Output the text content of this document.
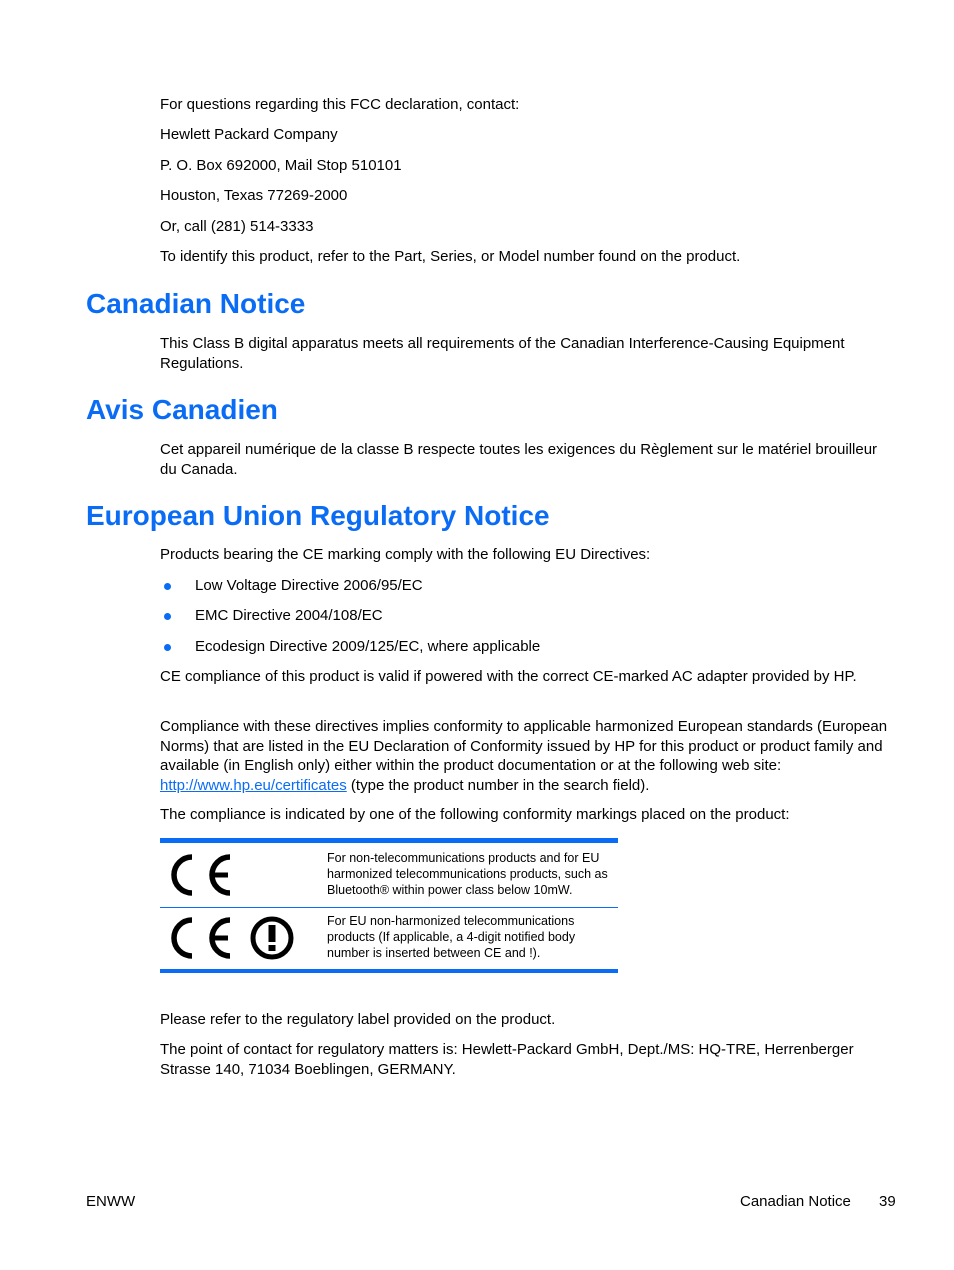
For questions regarding this FCC declaration, contact:

Hewlett Packard Company

P. O. Box 692000, Mail Stop 510101

Houston, Texas 77269-2000

Or, call (281) 514-3333

To identify this product, refer to the Part, Series, or Model number found on the product.

Canadian Notice

This Class B digital apparatus meets all requirements of the Canadian Interference-Causing Equipment Regulations.

Avis Canadien

Cet appareil numérique de la classe B respecte toutes les exigences du Règlement sur le matériel brouilleur du Canada.

European Union Regulatory Notice

Products bearing the CE marking comply with the following EU Directives:

Low Voltage Directive 2006/95/EC
EMC Directive 2004/108/EC
Ecodesign Directive 2009/125/EC, where applicable

CE compliance of this product is valid if powered with the correct CE-marked AC adapter provided by HP.

Compliance with these directives implies conformity to applicable harmonized European standards (European Norms) that are listed in the EU Declaration of Conformity issued by HP for this product or product family and available (in English only) either within the product documentation or at the following web site: http://www.hp.eu/certificates (type the product number in the search field).

The compliance is indicated by one of the following conformity markings placed on the product:

For non-telecommunications products and for EU harmonized telecommunications products, such as Bluetooth® within power class below 10mW.
For EU non-harmonized telecommunications products (If applicable, a 4-digit notified body number is inserted between CE and !).

Please refer to the regulatory label provided on the product.

The point of contact for regulatory matters is: Hewlett-Packard GmbH, Dept./MS: HQ-TRE, Herrenberger Strasse 140, 71034 Boeblingen, GERMANY.

ENWW	Canadian Notice 39
